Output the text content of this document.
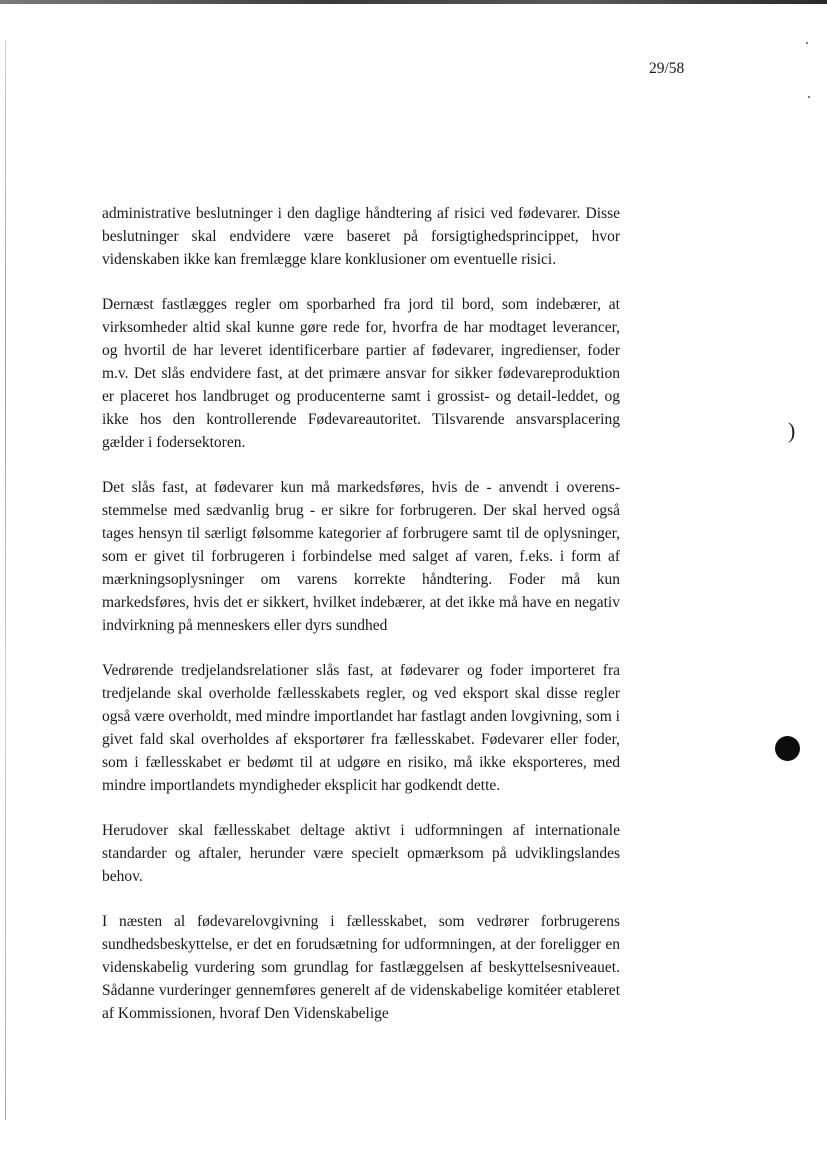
29/58

administrative beslutninger i den daglige håndtering af risici ved fødevarer. Disse beslutninger skal endvidere være baseret på forsigtighedsprincippet, hvor videnskaben ikke kan fremlægge klare konklusioner om eventuelle risici.

Dernæst fastlægges regler om sporbarhed fra jord til bord, som indebærer, at virksomheder altid skal kunne gøre rede for, hvorfra de har modtaget leverancer, og hvortil de har leveret identificerbare partier af fødevarer, ingredienser, foder m.v. Det slås endvidere fast, at det primære ansvar for sikker fødevareproduktion er placeret hos landbruget og producenterne samt i grossist- og detail-leddet, og ikke hos den kontrollerende Fødevareautoritet. Tilsvarende ansvarsplacering gælder i fodersektoren.

Det slås fast, at fødevarer kun må markedsføres, hvis de - anvendt i overensstemmelse med sædvanlig brug - er sikre for forbrugeren. Der skal herved også tages hensyn til særligt følsomme kategorier af forbrugere samt til de oplysninger, som er givet til forbrugeren i forbindelse med salget af varen, f.eks. i form af mærkningsoplysninger om varens korrekte håndtering. Foder må kun markedsføres, hvis det er sikkert, hvilket indebærer, at det ikke må have en negativ indvirkning på menneskers eller dyrs sundhed

Vedrørende tredjelandsrelationer slås fast, at fødevarer og foder importeret fra tredjelande skal overholde fællesskabets regler, og ved eksport skal disse regler også være overholdt, med mindre importlandet har fastlagt anden lovgivning, som i givet fald skal overholdes af eksportører fra fællesskabet. Fødevarer eller foder, som i fællesskabet er bedømt til at udgøre en risiko, må ikke eksporteres, med mindre importlandets myndigheder eksplicit har godkendt dette.

Herudover skal fællesskabet deltage aktivt i udformningen af internationale standarder og aftaler, herunder være specielt opmærksom på udviklingslandes behov.

I næsten al fødevarelovgivning i fællesskabet, som vedrører forbrugerens sundhedsbeskyttelse, er det en forudsætning for udformningen, at der foreligger en videnskabelig vurdering som grundlag for fastlæggelsen af beskyttelsesniveauet. Sådanne vurderinger gennemføres generelt af de videnskabelige komitéer etableret af Kommissionen, hvoraf Den Videnskabelige

)
